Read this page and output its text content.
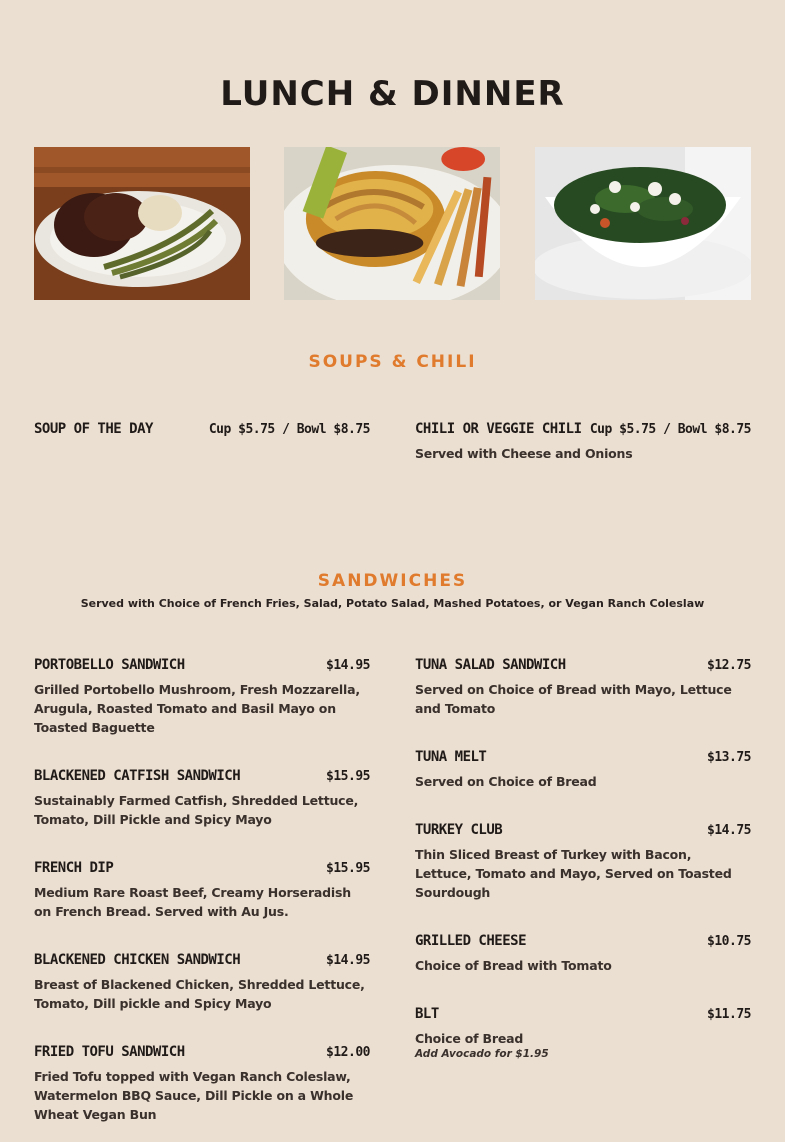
LUNCH & DINNER
SOUPS & CHILI
SOUP OF THE DAY	Cup $5.75 / Bowl $8.75	CHILI OR VEGGIE CHILI Cup $5.75 / Bowl $8.75
Served with Cheese and Onions
SANDWICHES
Served with Choice of French Fries, Salad, Potato Salad, Mashed Potatoes, or Vegan Ranch Coleslaw
PORTOBELLO SANDWICH	$14.95
Grilled Portobello Mushroom, Fresh Mozzarella, Arugula, Roasted Tomato and Basil Mayo on Toasted Baguette
BLACKENED CATFISH SANDWICH	$15.95
Sustainably Farmed Catfish, Shredded Lettuce, Tomato, Dill Pickle and Spicy Mayo
FRENCH DIP	$15.95
Medium Rare Roast Beef, Creamy Horseradish on French Bread. Served with Au Jus.
BLACKENED CHICKEN SANDWICH	$14.95
Breast of Blackened Chicken, Shredded Lettuce, Tomato, Dill pickle and Spicy Mayo
FRIED TOFU SANDWICH	$12.00
Fried Tofu topped with Vegan Ranch Coleslaw, Watermelon BBQ Sauce, Dill Pickle on a Whole Wheat Vegan Bun
TUNA SALAD SANDWICH	$12.75
Served on Choice of Bread with Mayo, Lettuce and Tomato
TUNA MELT	$13.75
Served on Choice of Bread
TURKEY CLUB	$14.75
Thin Sliced Breast of Turkey with Bacon, Lettuce, Tomato and Mayo, Served on Toasted Sourdough
GRILLED CHEESE	$10.75
Choice of Bread with Tomato
BLT	$11.75
Choice of Bread
Add Avocado for $1.95
